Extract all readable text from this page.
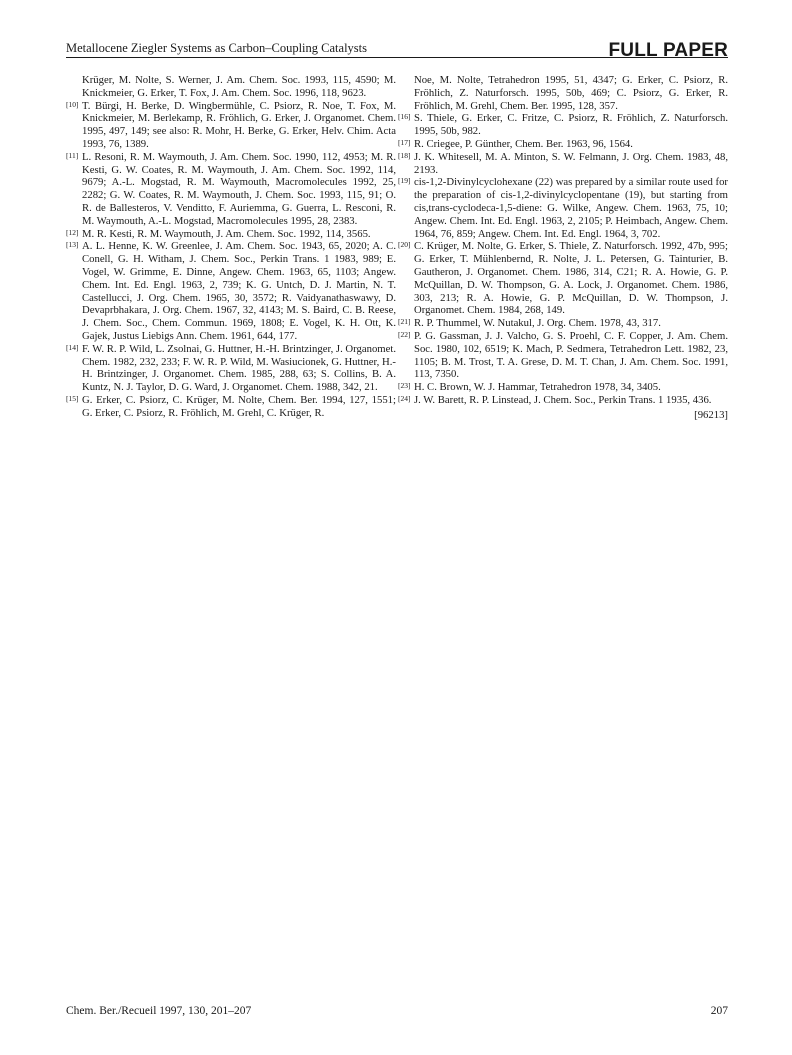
Metallocene Ziegler Systems as Carbon–Coupling Catalysts	FULL PAPER

Krüger, M. Nolte, S. Werner, J. Am. Chem. Soc. 1993, 115, 4590; M. Knickmeier, G. Erker, T. Fox, J. Am. Chem. Soc. 1996, 118, 9623.

[10] T. Bürgi, H. Berke, D. Wingbermühle, C. Psiorz, R. Noe, T. Fox, M. Knickmeier, M. Berlekamp, R. Fröhlich, G. Erker, J. Organomet. Chem. 1995, 497, 149; see also: R. Mohr, H. Berke, G. Erker, Helv. Chim. Acta 1993, 76, 1389.

[11] L. Resoni, R. M. Waymouth, J. Am. Chem. Soc. 1990, 112, 4953; M. R. Kesti, G. W. Coates, R. M. Waymouth, J. Am. Chem. Soc. 1992, 114, 9679; A.-L. Mogstad, R. M. Waymouth, Macromolecules 1992, 25, 2282; G. W. Coates, R. M. Waymouth, J. Chem. Soc. 1993, 115, 91; O. R. de Ballesteros, V. Venditto, F. Auriemma, G. Guerra, L. Resconi, R. M. Waymouth, A.-L. Mogstad, Macromolecules 1995, 28, 2383.

[12] M. R. Kesti, R. M. Waymouth, J. Am. Chem. Soc. 1992, 114, 3565.

[13] A. L. Henne, K. W. Greenlee, J. Am. Chem. Soc. 1943, 65, 2020; A. C. Conell, G. H. Witham, J. Chem. Soc., Perkin Trans. 1 1983, 989; E. Vogel, W. Grimme, E. Dinne, Angew. Chem. 1963, 65, 1103; Angew. Chem. Int. Ed. Engl. 1963, 2, 739; K. G. Untch, D. J. Martin, N. T. Castellucci, J. Org. Chem. 1965, 30, 3572; R. Vaidyanathaswawy, D. Devaprbhakara, J. Org. Chem. 1967, 32, 4143; M. S. Baird, C. B. Reese, J. Chem. Soc., Chem. Commun. 1969, 1808; E. Vogel, K. H. Ott, K. Gajek, Justus Liebigs Ann. Chem. 1961, 644, 177.

[14] F. W. R. P. Wild, L. Zsolnai, G. Huttner, H.-H. Brintzinger, J. Organomet. Chem. 1982, 232, 233; F. W. R. P. Wild, M. Wasiucionek, G. Huttner, H.-H. Brintzinger, J. Organomet. Chem. 1985, 288, 63; S. Collins, B. A. Kuntz, N. J. Taylor, D. G. Ward, J. Organomet. Chem. 1988, 342, 21.

[15] G. Erker, C. Psiorz, C. Krüger, M. Nolte, Chem. Ber. 1994, 127, 1551; G. Erker, C. Psiorz, R. Fröhlich, M. Grehl, C. Krüger, R.

Noe, M. Nolte, Tetrahedron 1995, 51, 4347; G. Erker, C. Psiorz, R. Fröhlich, Z. Naturforsch. 1995, 50b, 469; C. Psiorz, G. Erker, R. Fröhlich, M. Grehl, Chem. Ber. 1995, 128, 357.

[16] S. Thiele, G. Erker, C. Fritze, C. Psiorz, R. Fröhlich, Z. Naturforsch. 1995, 50b, 982.

[17] R. Criegee, P. Günther, Chem. Ber. 1963, 96, 1564.

[18] J. K. Whitesell, M. A. Minton, S. W. Felmann, J. Org. Chem. 1983, 48, 2193.

[19] cis-1,2-Divinylcyclohexane (22) was prepared by a similar route used for the preparation of cis-1,2-divinylcyclopentane (19), but starting from cis,trans-cyclodeca-1,5-diene: G. Wilke, Angew. Chem. 1963, 75, 10; Angew. Chem. Int. Ed. Engl. 1963, 2, 2105; P. Heimbach, Angew. Chem. 1964, 76, 859; Angew. Chem. Int. Ed. Engl. 1964, 3, 702.

[20] C. Krüger, M. Nolte, G. Erker, S. Thiele, Z. Naturforsch. 1992, 47b, 995; G. Erker, T. Mühlenbernd, R. Nolte, J. L. Petersen, G. Tainturier, B. Gautheron, J. Organomet. Chem. 1986, 314, C21; R. A. Howie, G. P. McQuillan, D. W. Thompson, G. A. Lock, J. Organomet. Chem. 1986, 303, 213; R. A. Howie, G. P. McQuillan, D. W. Thompson, J. Organomet. Chem. 1984, 268, 149.

[21] R. P. Thummel, W. Nutakul, J. Org. Chem. 1978, 43, 317.

[22] P. G. Gassman, J. J. Valcho, G. S. Proehl, C. F. Copper, J. Am. Chem. Soc. 1980, 102, 6519; K. Mach, P. Sedmera, Tetrahedron Lett. 1982, 23, 1105; B. M. Trost, T. A. Grese, D. M. T. Chan, J. Am. Chem. Soc. 1991, 113, 7350.

[23] H. C. Brown, W. J. Hammar, Tetrahedron 1978, 34, 3405.

[24] J. W. Barett, R. P. Linstead, J. Chem. Soc., Perkin Trans. 1 1935, 436.

[96213]
Chem. Ber./Recueil 1997, 130, 201–207	207
